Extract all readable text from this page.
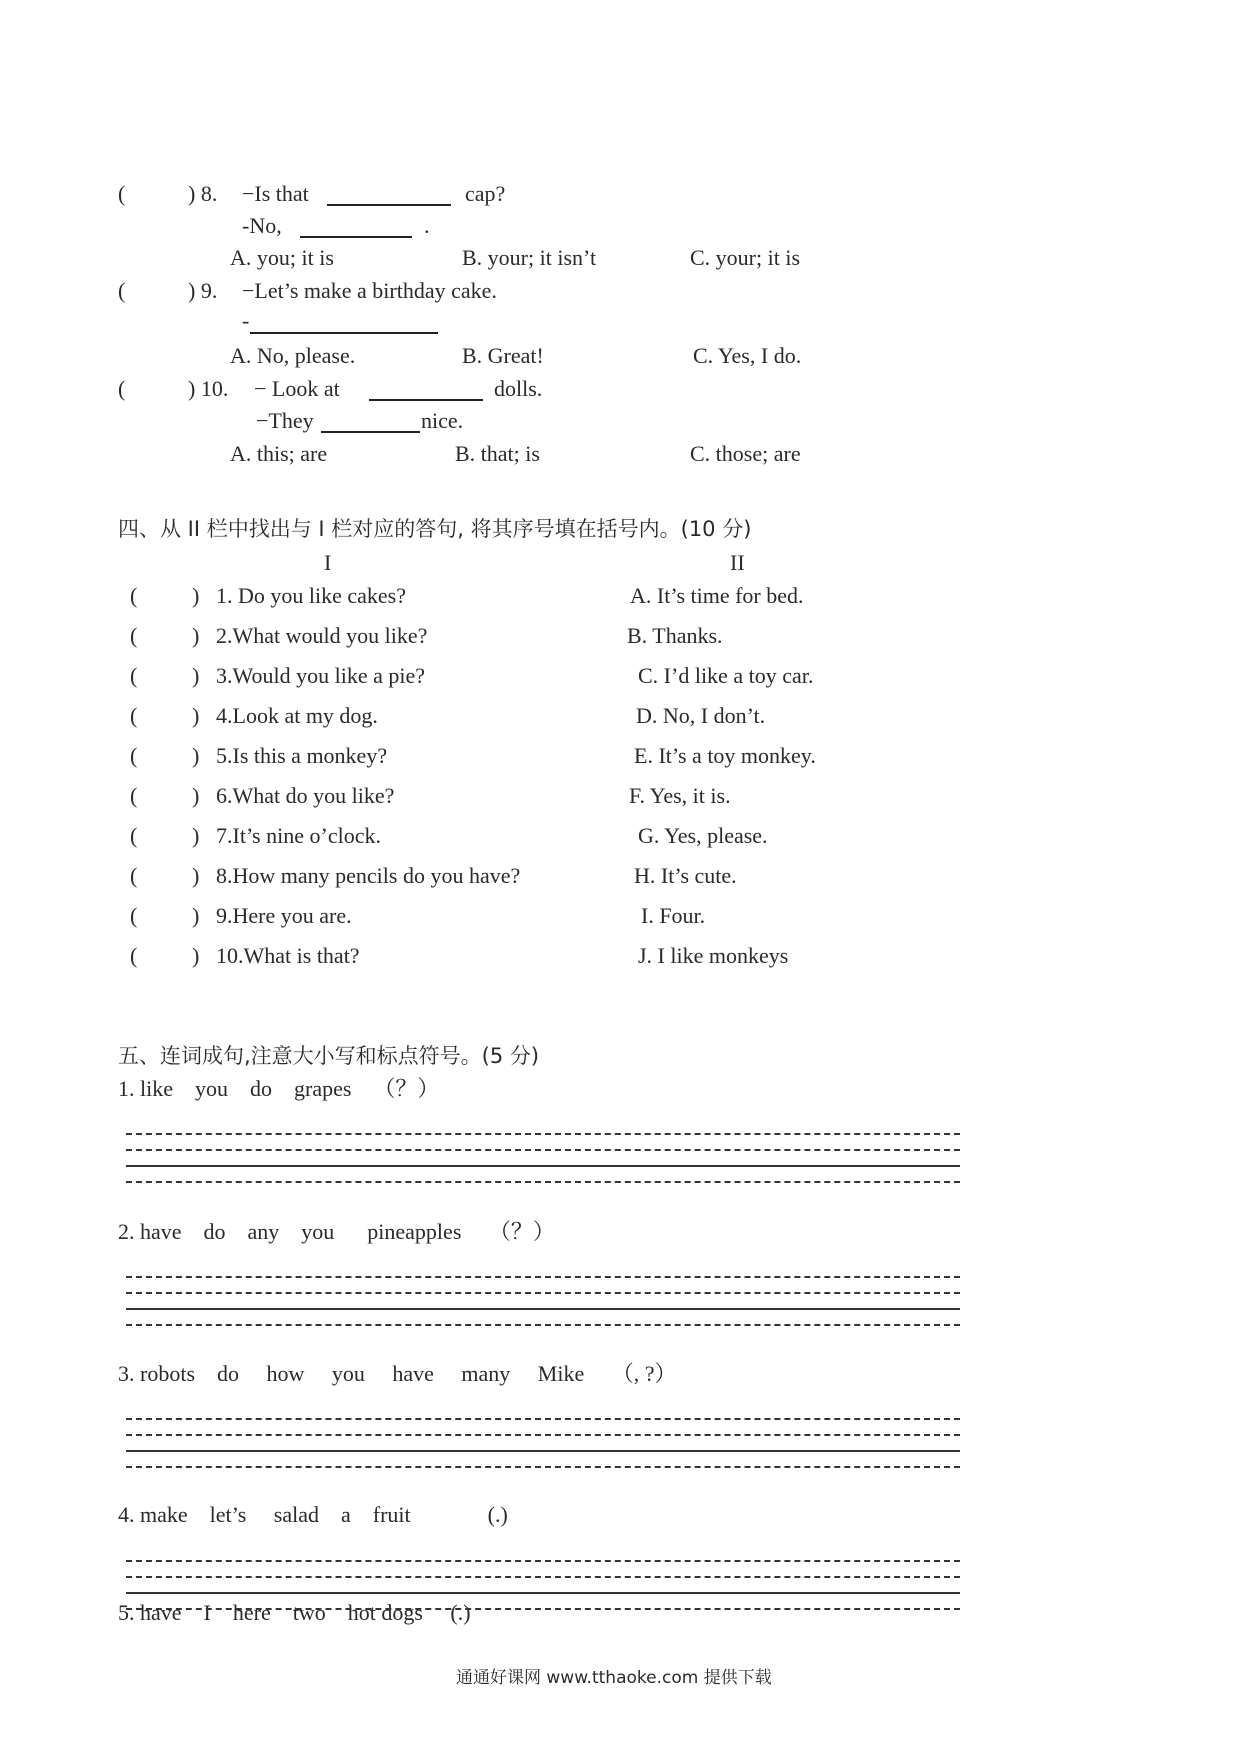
(	) 8. −Is that	cap?
-No,	.
A. you; it is	B. your; it isn’t	C. your; it is
(	) 9. −Let’s make a birthday cake.
-
A. No, please.	B. Great!	C. Yes, I do.
(	) 10. − Look at	dolls.
−They	nice.
A. this; are	B. that; is	C. those; are
四、从 II 栏中找出与 I 栏对应的答句, 将其序号填在括号内。(10 分)
I	II
( ) 1. Do you like cakes?	A. It’s time for bed.
( ) 2.What would you like?	B. Thanks.
( ) 3.Would you like a pie?	C. I’d like a toy car.
( ) 4.Look at my dog.	D. No, I don’t.
( ) 5.Is this a monkey?	E. It’s a toy monkey.
( ) 6.What do you like?	F. Yes, it is.
( ) 7.It’s nine o’clock.	G. Yes, please.
( ) 8.How many pencils do you have?	H. It’s cute.
( ) 9.Here you are.	I. Four.
( ) 10.What is that?	J. I like monkeys
五、连词成句,注意大小写和标点符号。(5 分)
1. like    you    do    grapes    （？）
2. have    do    any    you      pineapples     （？）
3. robots    do     how     you     have     many     Mike     （, ?）
4. make    let’s     salad    a    fruit              (.)
5. have    I    here    two    hot dogs     (.)
通通好课网 www.tthaoke.com 提供下载
